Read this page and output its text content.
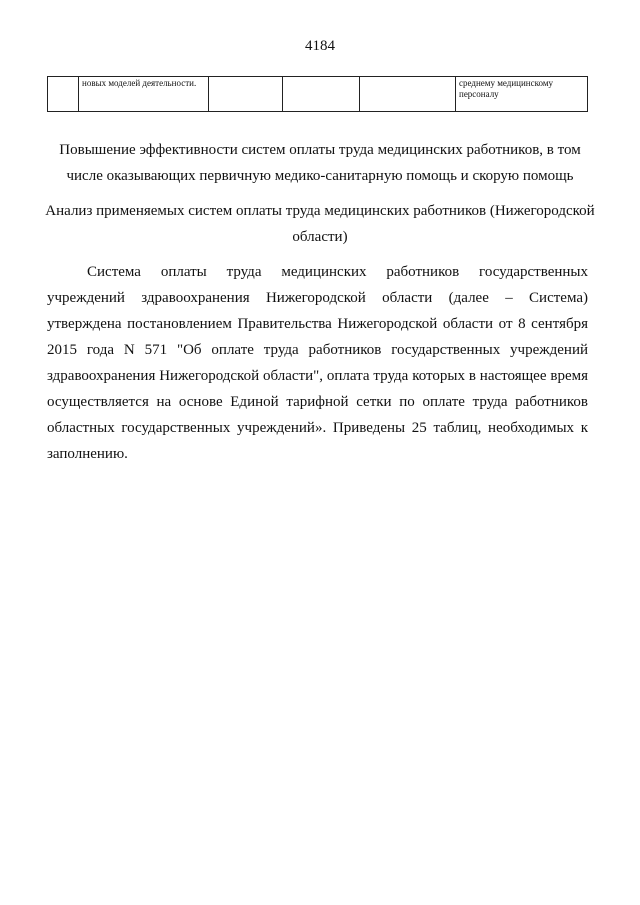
4184
	новых моделей деятельности.				среднему медицинскому персоналу
Повышение эффективности систем оплаты труда медицинских работников, в том числе оказывающих первичную медико-санитарную помощь и скорую помощь
Анализ применяемых систем оплаты труда медицинских работников (Нижегородской области)

Система оплаты труда медицинских работников государственных учреждений здравоохранения Нижегородской области (далее – Система) утверждена постановлением Правительства Нижегородской области от 8 сентября 2015 года N 571 "Об оплате труда работников государственных учреждений здравоохранения Нижегородской области", оплата труда которых в настоящее время осуществляется на основе Единой тарифной сетки по оплате труда работников областных государственных учреждений». Приведены 25 таблиц, необходимых к заполнению.
